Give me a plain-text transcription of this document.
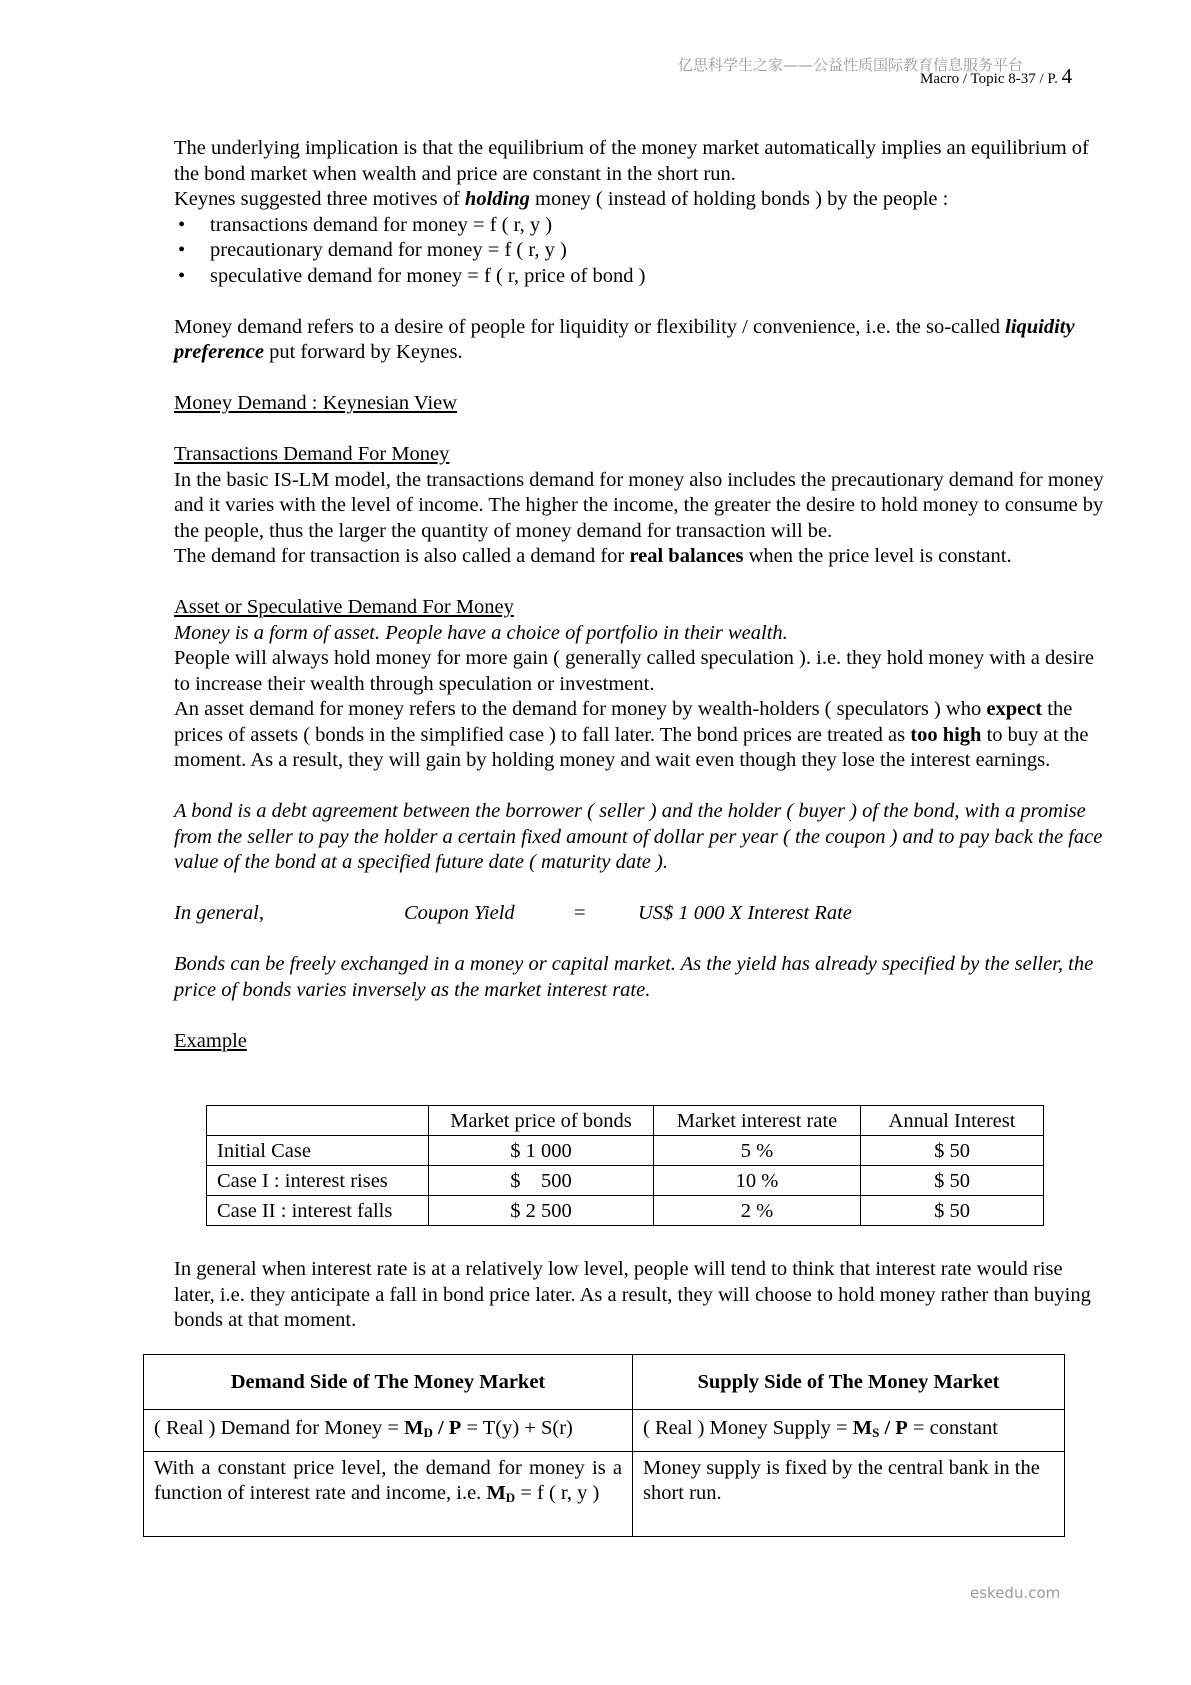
亿思科学生之家——公益性质国际教育信息服务平台
Macro / Topic 8-37 / P. 4

The underlying implication is that the equilibrium of the money market automatically implies an equilibrium of the bond market when wealth and price are constant in the short run.

Keynes suggested three motives of holding money ( instead of holding bonds ) by the people :

• transactions demand for money = f ( r, y )
• precautionary demand for money = f ( r, y )
• speculative demand for money = f ( r, price of bond )

Money demand refers to a desire of people for liquidity or flexibility / convenience, i.e. the so-called liquidity preference put forward by Keynes.

Money Demand : Keynesian View

Transactions Demand For Money

In the basic IS-LM model, the transactions demand for money also includes the precautionary demand for money and it varies with the level of income. The higher the income, the greater the desire to hold money to consume by the people, thus the larger the quantity of money demand for transaction will be.

The demand for transaction is also called a demand for real balances when the price level is constant.

Asset or Speculative Demand For Money

Money is a form of asset. People have a choice of portfolio in their wealth.

People will always hold money for more gain ( generally called speculation ). i.e. they hold money with a desire to increase their wealth through speculation or investment.

An asset demand for money refers to the demand for money by wealth-holders ( speculators ) who expect the prices of assets ( bonds in the simplified case ) to fall later. The bond prices are treated as too high to buy at the moment. As a result, they will gain by holding money and wait even though they lose the interest earnings.

A bond is a debt agreement between the borrower ( seller ) and the holder ( buyer ) of the bond, with a promise from the seller to pay the holder a certain fixed amount of dollar per year ( the coupon ) and to pay back the face value of the bond at a specified future date ( maturity date ).

In general,	Coupon Yield	=	US$ 1 000 X Interest Rate

Bonds can be freely exchanged in a money or capital market. As the yield has already specified by the seller, the price of bonds varies inversely as the market interest rate.

Example

	Market price of bonds	Market interest rate	Annual Interest
Initial Case	$ 1 000	5 %	$ 50
Case I : interest rises	$    500	10 %	$ 50
Case II : interest falls	$ 2 500	2 %	$ 50

In general when interest rate is at a relatively low level, people will tend to think that interest rate would rise later, i.e. they anticipate a fall in bond price later. As a result, they will choose to hold money rather than buying bonds at that moment.

Demand Side of The Money Market	Supply Side of The Money Market
( Real ) Demand for Money = $M_D / P = T(y) + S(r)$	( Real ) Money Supply = $M_S$ / P = constant
With a constant price level, the demand for money is a function of interest rate and income, i.e. $M_D = f$ ( r, y )	Money supply is fixed by the central bank in the short run.
eskedu.com
